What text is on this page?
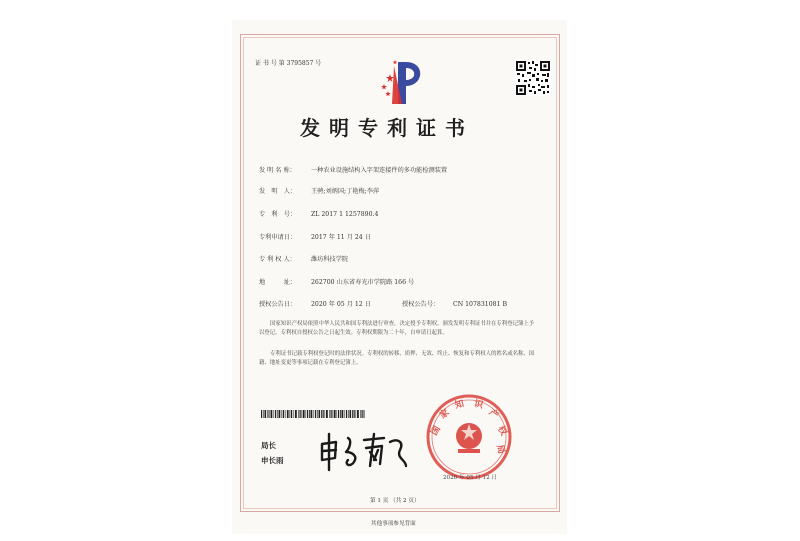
证 书 号 第 3795857 号
发明专利证书
发 明 名 称：	一种农业设施结构入字架连接件的多功能检测装置
发　明　人：	王骋;刘炳国;丁艳梅;李萍
专　利　号：	ZL 2017 1 1257890.4
专利申请日：	2017 年 11 月 24 日
专 利 权 人：	潍坊科技学院
地　　　址：	262700 山东省寿光市学院路 166 号
授权公告日： 2020 年 05 月 12 日	授权公告号： CN 107831081 B
国家知识产权局依照中华人民共和国专利法进行审查，决定授予专利权，颁发发明专利证书并在专利登记簿上予以登记。专利权自授权公告之日起生效。专利权期限为二十年，自申请日起算。
专利证书记载专利权登记时的法律状况。专利权的转移、质押、无效、终止、恢复和专利权人的姓名或名称、国籍、地址变更等事项记载在专利登记簿上。
局长
申长雨
国
家
知 识
产
权
局
2020 年 05 月 12 日
第 1 页 （共 2 页）
其他事项参见背面
